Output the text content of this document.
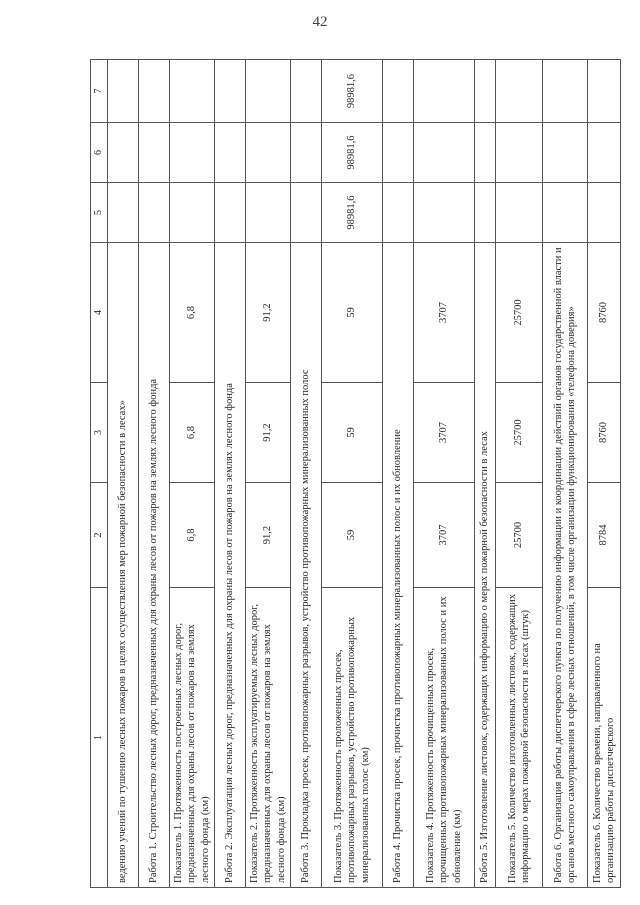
42
1	2	3	4	5	6	7
ведению учений по тушению лесных пожаров в целях осуществления мер пожарной безопасности в лесах»						
Работа 1. Строительство лесных дорог, предназначенных для охраны лесов от пожаров на землях лесного фонда						
Показатель 1. Протяженность построенных лесных дорог, предназначенных для охраны лесов от пожаров на землях лесного фонда (км)	6,8	6,8	6,8			
Работа 2. Эксплуатация лесных дорог, предназначенных для охраны лесов от пожаров на землях лесного фонда						
Показатель 2. Протяженность эксплуатируемых лесных дорог, предназначенных для охраны лесов от пожаров на землях лесного фонда (км)	91,2	91,2	91,2			
Работа 3. Прокладка просек, противопожарных разрывов, устройство противопожарных минерализованных полос						
Показатель 3. Протяженность проложенных просек, противопожарных разрывов, устройство противопожарных минерализованных полос (км)	59	59	59	98981,6	98981,6	98981,6
Работа 4. Прочистка просек, прочистка противопожарных минерализованных полос и их обновление						
Показатель 4. Протяженность прочищенных просек, прочищенных противопожарных минерализованных полос и их обновление (км)	3707	3707	3707			
Работа 5. Изготовление листовок, содержащих информацию о мерах пожарной безопасности в лесах						
Показатель 5. Количество изготовленных листовок, содержащих информацию о мерах пожарной безопасности в лесах (штук)	25700	25700	25700			
Работа 6. Организация работы диспетчерского пункта по получению информации и координации действий органов государственной власти и органов местного самоуправления в сфере лесных отношений, в том числе организации функционирования «телефона доверия»						
Показатель 6. Количество времени, направленного на организацию работы диспетчерского	8784	8760	8760			
